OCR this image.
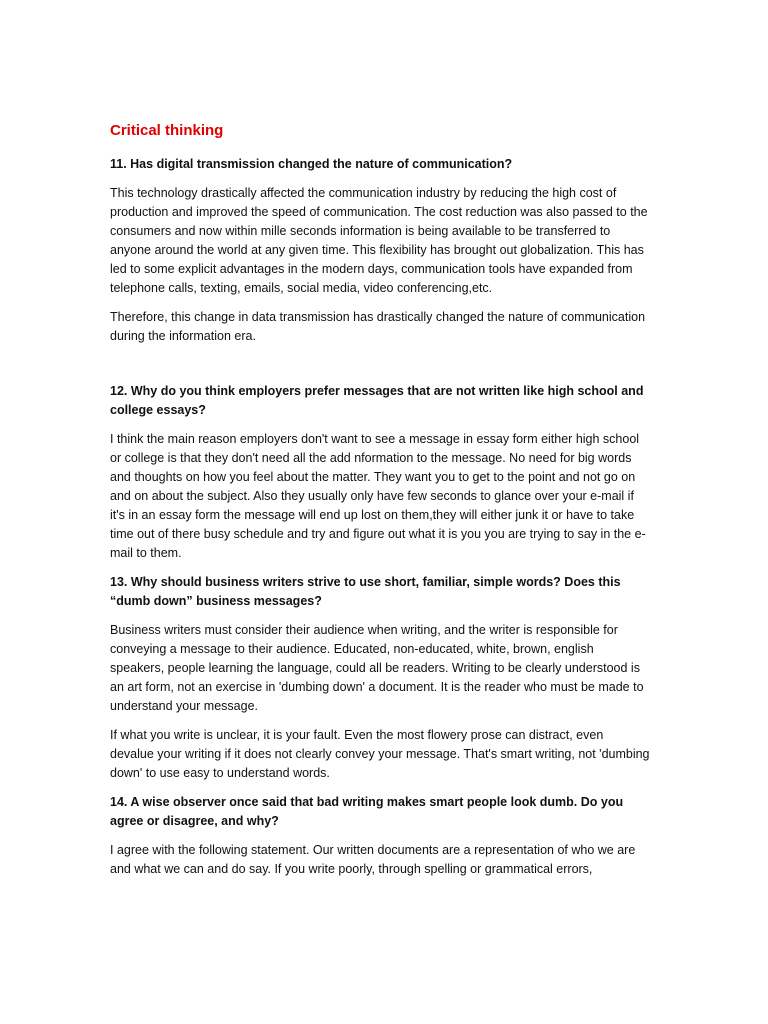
Critical thinking
11. Has digital transmission changed the nature of communication?
This technology drastically affected the communication industry by reducing the high cost of production and improved the speed of communication. The cost reduction was also passed to the consumers and now within mille seconds information is being available to be transferred to anyone around the world at any given time. This flexibility has brought out globalization. This has led to some explicit advantages in the modern days, communication tools have expanded from telephone calls, texting, emails, social media, video conferencing,etc.
Therefore, this change in data transmission has drastically changed the nature of communication during the information era.
12. Why do you think employers prefer messages that are not written like high school and college essays?
I think the main reason employers don't want to see a message in essay form either high school or college is that they don't need all the add nformation to the message. No need for big words and thoughts on how you feel about the matter. They want you to get to the point and not go on and on about the subject. Also they usually only have few seconds to glance over your e-mail if it's in an essay form the message will end up lost on them,they will either junk it or have to take time out of there busy schedule and try and figure out what it is you you are trying to say in the e-mail to them.
13. Why should business writers strive to use short, familiar, simple words? Does this “dumb down” business messages?
Business writers must consider their audience when writing, and the writer is responsible for conveying a message to their audience. Educated, non-educated, white, brown, english speakers, people learning the language, could all be readers. Writing to be clearly understood is an art form, not an exercise in 'dumbing down' a document. It is the reader who must be made to understand your message.
If what you write is unclear, it is your fault. Even the most flowery prose can distract, even devalue your writing if it does not clearly convey your message. That's smart writing, not 'dumbing down' to use easy to understand words.
14. A wise observer once said that bad writing makes smart people look dumb. Do you agree or disagree, and why?
I agree with the following statement. Our written documents are a representation of who we are and what we can and do say. If you write poorly, through spelling or grammatical errors,
